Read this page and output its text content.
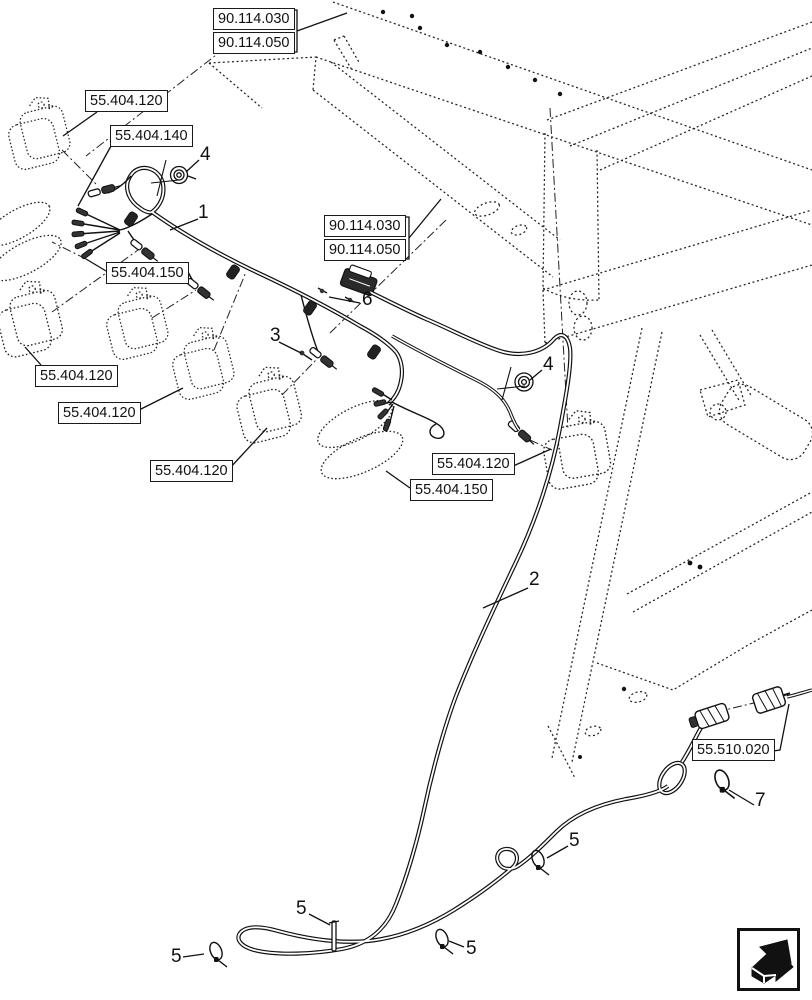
90.114.030
90.114.050
55.404.120
55.404.140
90.114.030
90.114.050
55.404.150
55.404.120
55.404.120
55.404.120	55.404.120
55.404.150
55.510.020
4
1
6
3
4
2
7
5
5
5
5
